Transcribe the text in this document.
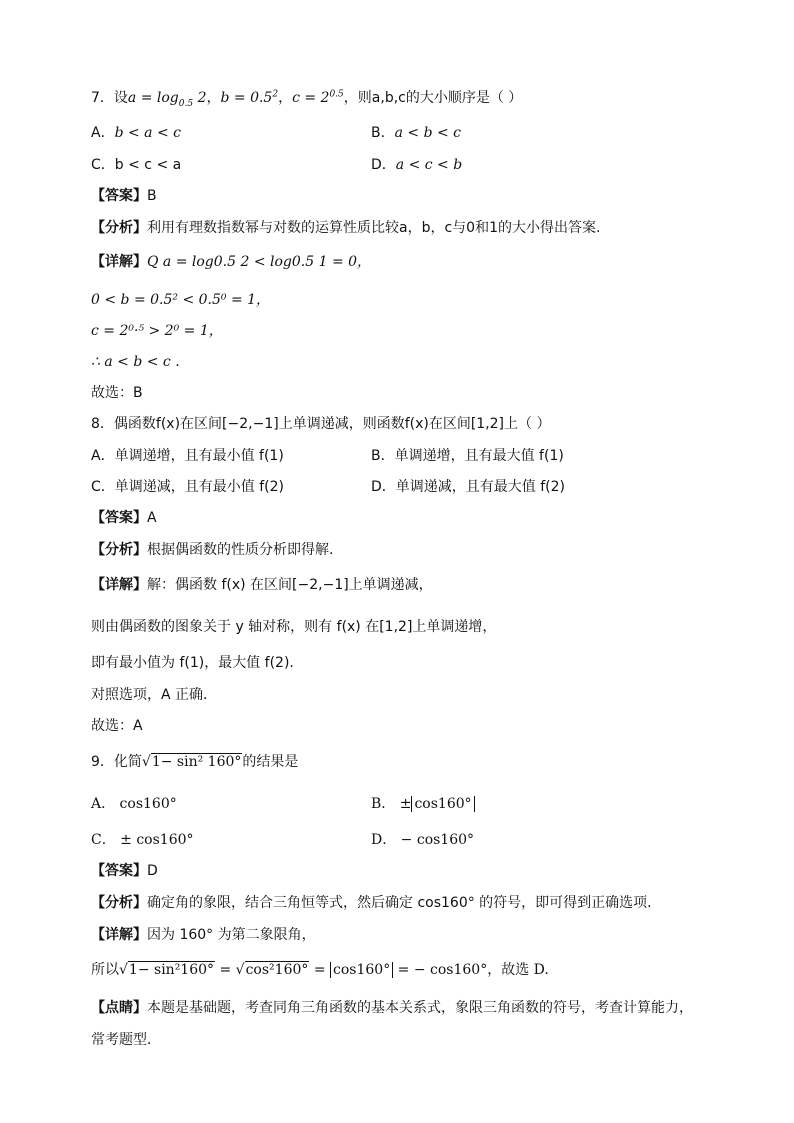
7．设$a = \log_{0.5} 2$，$b = 0.5^2$，$c = 2^{0.5}$，则a,b,c的大小顺序是（ ）
A．b < a < c	B．a < b < c
C．b < c < a	D．a < c < b
【答案】B
【分析】利用有理数指数幂与对数的运算性质比较a，b，c与0和1的大小得出答案.
【详解】Q a = log0.5 2 < log0.5 1 = 0，
0 < b = 0.5² < 0.5⁰ = 1，
c = 2⁰·⁵ > 2⁰ = 1，
∴ a < b < c .
故选：B
8．偶函数f(x)在区间[−2,−1]上单调递减，则函数f(x)在区间[1,2]上（ ）
A．单调递增，且有最小值 f(1)	B．单调递增，且有最大值 f(1)
C．单调递减，且有最小值 f(2)	D．单调递减，且有最大值 f(2)
【答案】A
【分析】根据偶函数的性质分析即得解.
【详解】解：偶函数 f(x) 在区间[−2,−1]上单调递减，
则由偶函数的图象关于 y 轴对称，则有 f(x) 在[1,2]上单调递增，
即有最小值为 f(1)，最大值 f(2).
对照选项，A 正确．
故选：A
9．化简√1− sin² 160°的结果是
A． cos160°	B． ± cos160°
C． ± cos160°	D． − cos160°
【答案】D
【分析】确定角的象限，结合三角恒等式，然后确定 cos160° 的符号，即可得到正确选项．
【详解】因为 160° 为第二象限角，
所以√1− sin²160° = √cos²160° = cos160° = − cos160°，故选 D.
【点睛】本题是基础题，考查同角三角函数的基本关系式，象限三角函数的符号，考查计算能力，
常考题型．
